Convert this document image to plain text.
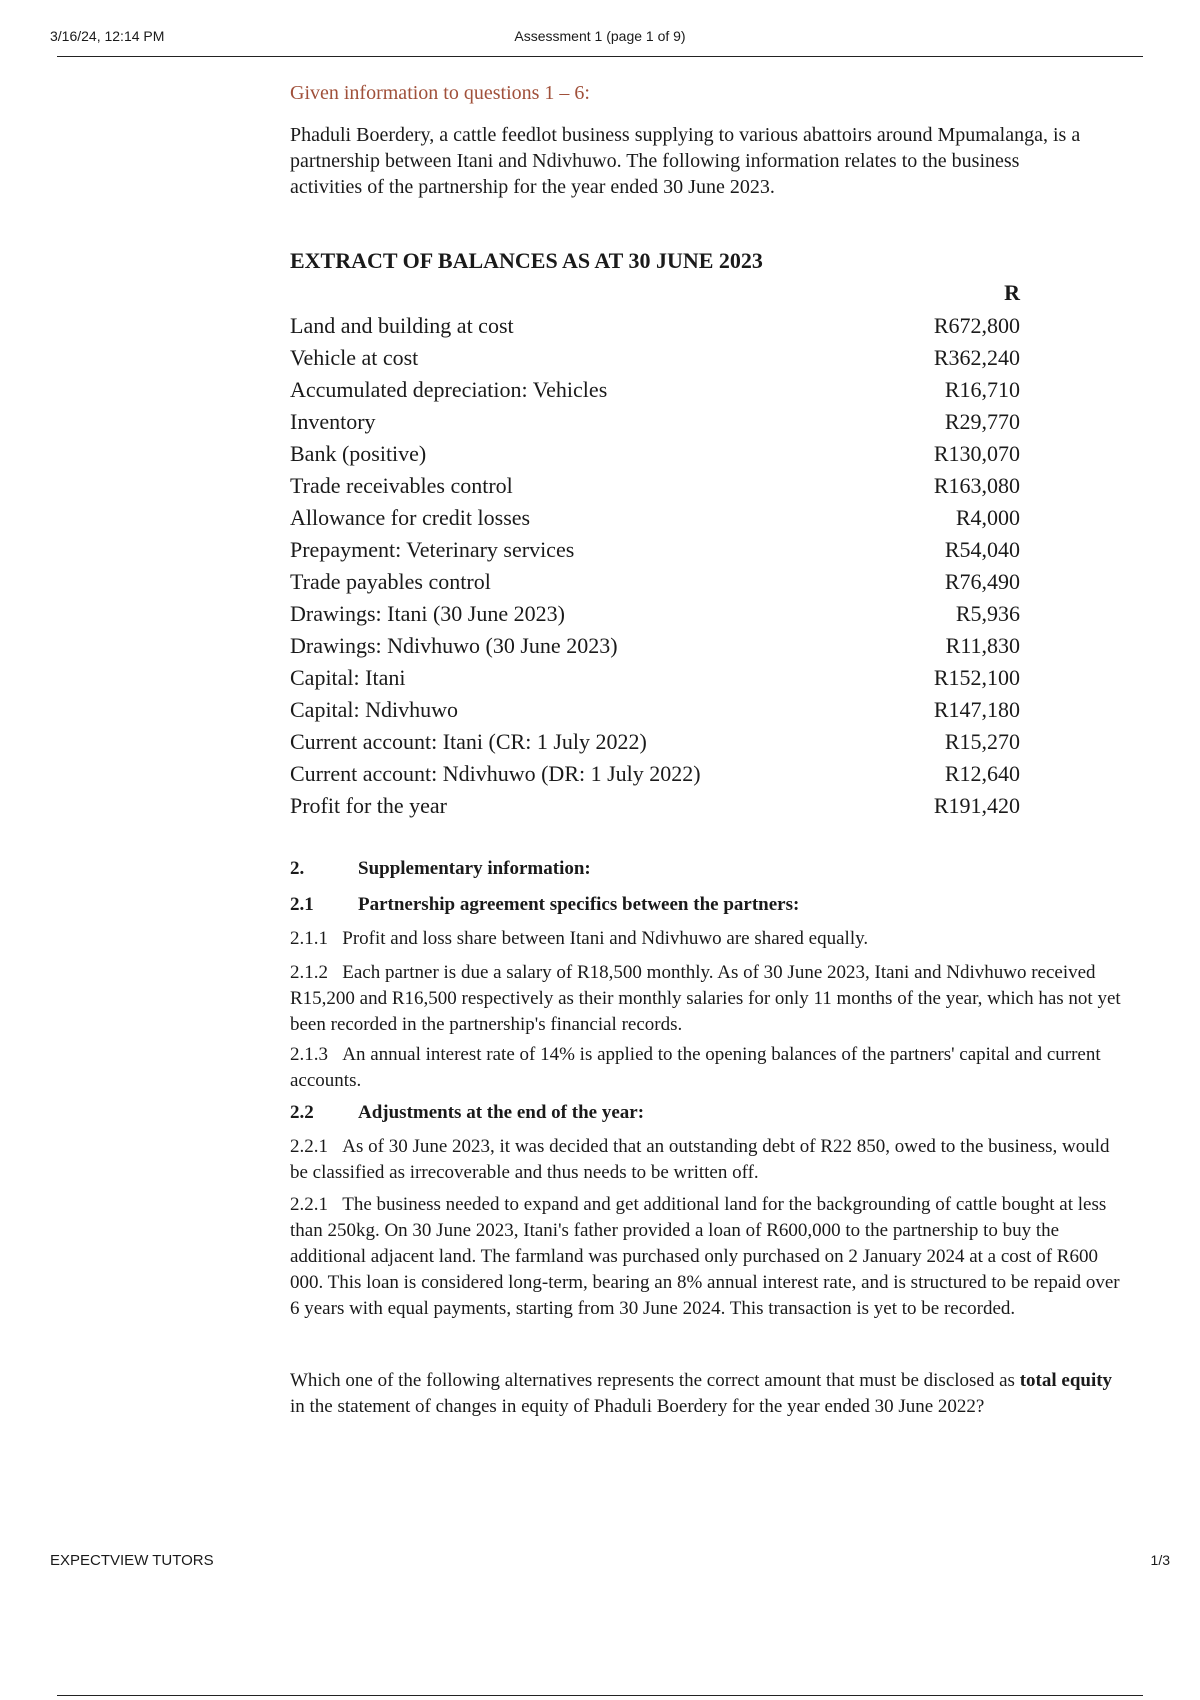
3/16/24, 12:14 PM	Assessment 1 (page 1 of 9)
Given information to questions 1 – 6:
Phaduli Boerdery, a cattle feedlot business supplying to various abattoirs around Mpumalanga, is a partnership between Itani and Ndivhuwo. The following information relates to the business activities of the partnership for the year ended 30 June 2023.
EXTRACT OF BALANCES AS AT 30 JUNE 2023
R
Land and building at cost	R672,800
Vehicle at cost	R362,240
Accumulated depreciation: Vehicles	R16,710
Inventory	R29,770
Bank (positive)	R130,070
Trade receivables control	R163,080
Allowance for credit losses	R4,000
Prepayment: Veterinary services	R54,040
Trade payables control	R76,490
Drawings: Itani (30 June 2023)	R5,936
Drawings: Ndivhuwo (30 June 2023)	R11,830
Capital: Itani	R152,100
Capital: Ndivhuwo	R147,180
Current account: Itani (CR: 1 July 2022)	R15,270
Current account: Ndivhuwo (DR: 1 July 2022)	R12,640
Profit for the year	R191,420
2.	Supplementary information:
2.1 Partnership agreement specifics between the partners:
2.1.1 Profit and loss share between Itani and Ndivhuwo are shared equally.
2.1.2 Each partner is due a salary of R18,500 monthly. As of 30 June 2023, Itani and Ndivhuwo received R15,200 and R16,500 respectively as their monthly salaries for only 11 months of the year, which has not yet been recorded in the partnership's financial records.
2.1.3 An annual interest rate of 14% is applied to the opening balances of the partners' capital and current accounts.
2.2 Adjustments at the end of the year:
2.2.1 As of 30 June 2023, it was decided that an outstanding debt of R22 850, owed to the business, would be classified as irrecoverable and thus needs to be written off.
2.2.1 The business needed to expand and get additional land for the backgrounding of cattle bought at less than 250kg. On 30 June 2023, Itani's father provided a loan of R600,000 to the partnership to buy the additional adjacent land. The farmland was purchased only purchased on 2 January 2024 at a cost of R600 000. This loan is considered long-term, bearing an 8% annual interest rate, and is structured to be repaid over 6 years with equal payments, starting from 30 June 2024. This transaction is yet to be recorded.
Which one of the following alternatives represents the correct amount that must be disclosed as total equity in the statement of changes in equity of Phaduli Boerdery for the year ended 30 June 2022?
EXPECTVIEW TUTORS	1/3
